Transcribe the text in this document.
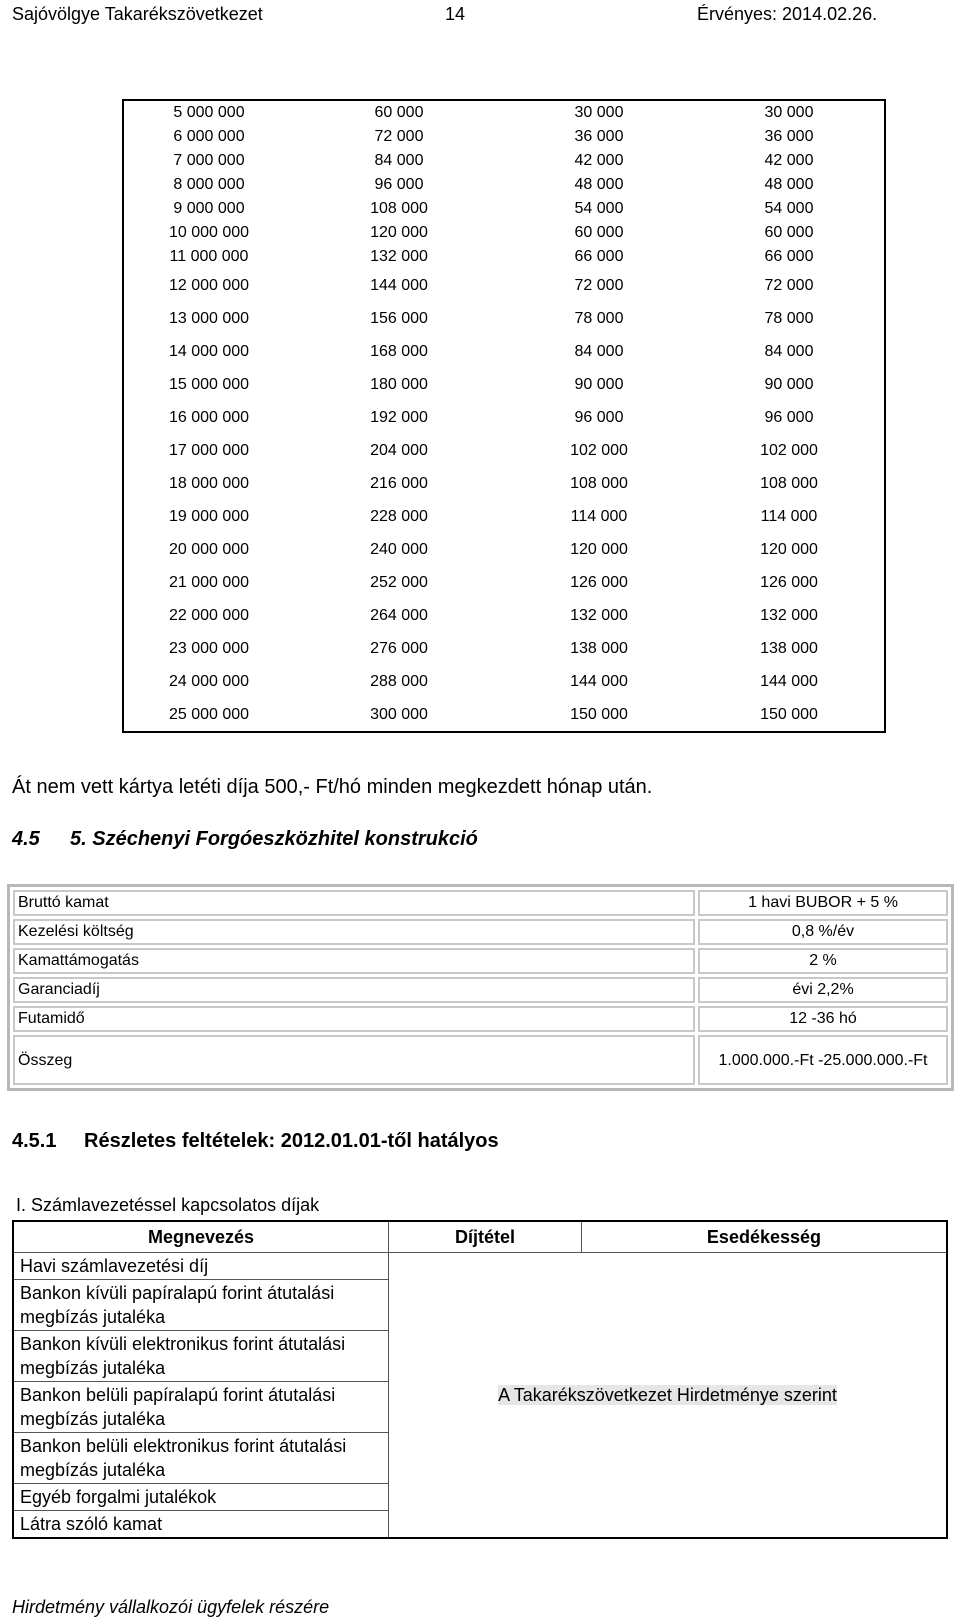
Sajóvölgye Takarékszövetkezet	14	Érvényes: 2014.02.26.
5 000 000	60 000	30 000	30 000
6 000 000	72 000	36 000	36 000
7 000 000	84 000	42 000	42 000
8 000 000	96 000	48 000	48 000
9 000 000	108 000	54 000	54 000
10 000 000	120 000	60 000	60 000
11 000 000	132 000	66 000	66 000
12 000 000	144 000	72 000	72 000
13 000 000	156 000	78 000	78 000
14 000 000	168 000	84 000	84 000
15 000 000	180 000	90 000	90 000
16 000 000	192 000	96 000	96 000
17 000 000	204 000	102 000	102 000
18 000 000	216 000	108 000	108 000
19 000 000	228 000	114 000	114 000
20 000 000	240 000	120 000	120 000
21 000 000	252 000	126 000	126 000
22 000 000	264 000	132 000	132 000
23 000 000	276 000	138 000	138 000
24 000 000	288 000	144 000	144 000
25 000 000	300 000	150 000	150 000
Át nem vett kártya letéti díja 500,- Ft/hó minden megkezdett hónap után.
4.5 5. Széchenyi Forgóeszközhitel konstrukció
Bruttó kamat	1 havi BUBOR + 5 %
Kezelési költség	0,8 %/év
Kamattámogatás	2 %
Garanciadíj	évi 2,2%
Futamidő	12 -36 hó
Összeg	1.000.000.-Ft -25.000.000.-Ft
4.5.1 Részletes feltételek: 2012.01.01-től hatályos
I. Számlavezetéssel kapcsolatos díjak
Megnevezés	Díjtétel	Esedékesség
Havi számlavezetési díj	A Takarékszövetkezet Hirdetménye szerint	
Bankon kívüli papíralapú forint átutalási megbízás jutaléka		
Bankon kívüli elektronikus forint átutalási megbízás jutaléka		
Bankon belüli papíralapú forint átutalási megbízás jutaléka		
Bankon belüli elektronikus forint átutalási megbízás jutaléka		
Egyéb forgalmi jutalékok		
Látra szóló kamat		
Hirdetmény vállalkozói ügyfelek részére
